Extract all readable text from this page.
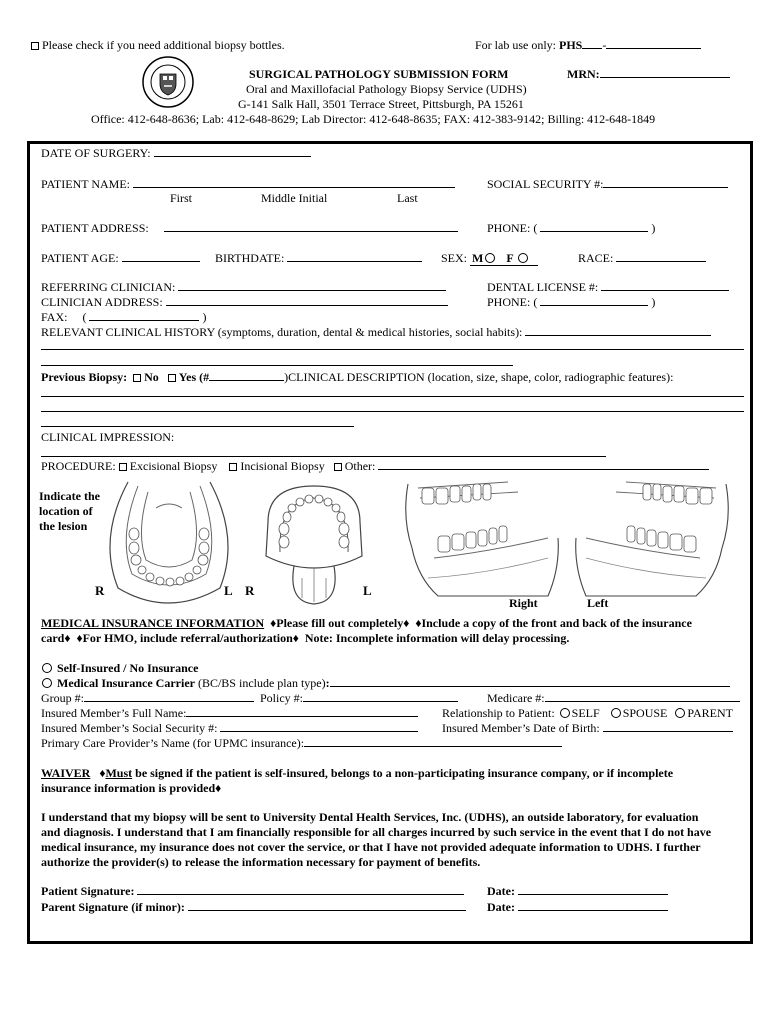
Please check if you need additional biopsy bottles.	For lab use only: PHS -
SURGICAL PATHOLOGY SUBMISSION FORM	MRN:
Oral and Maxillofacial Pathology Biopsy Service (UDHS)
G-141 Salk Hall, 3501 Terrace Street, Pittsburgh, PA 15261
Office: 412-648-8636; Lab: 412-648-8629; Lab Director: 412-648-8635; FAX: 412-383-9142; Billing: 412-648-1849
DATE OF SURGERY:
PATIENT NAME:	SOCIAL SECURITY #:
First	Middle Initial	Last
PATIENT ADDRESS:	PHONE: (	)
PATIENT AGE:	BIRTHDATE:	SEX: M F	RACE:
REFERRING CLINICIAN:	DENTAL LICENSE #:
CLINICIAN ADDRESS:	PHONE: (	)
FAX: (	)
RELEVANT CLINICAL HISTORY (symptoms, duration, dental & medical histories, social habits):
Previous Biopsy: No Yes (#	)CLINICAL DESCRIPTION (location, size, shape, color, radiographic features):
CLINICAL IMPRESSION:
PROCEDURE: Excisional Biopsy Incisional Biopsy Other:
Indicate the
location of
the lesion
R	L R	L
Right	Left
MEDICAL INSURANCE INFORMATION ♦Please fill out completely♦ ♦Include a copy of the front and back of the insurance
card♦ ♦For HMO, include referral/authorization♦ Note: Incomplete information will delay processing.
Self-Insured / No Insurance
Medical Insurance Carrier (BC/BS include plan type):
Group #:	Policy #:	Medicare #:
Insured Member’s Full Name:	Relationship to Patient: SELF SPOUSE PARENT
Insured Member’s Social Security #:	Insured Member’s Date of Birth:
Primary Care Provider’s Name (for UPMC insurance):
WAIVER   ♦Must be signed if the patient is self-insured, belongs to a non-participating insurance company, or if incomplete
insurance information is provided♦
I understand that my biopsy will be sent to University Dental Health Services, Inc. (UDHS), an outside laboratory, for evaluation
and diagnosis. I understand that I am financially responsible for all charges incurred by such service in the event that I do not have
medical insurance, my insurance does not cover the service, or that I have not provided adequate information to UDHS. I further
authorize the provider(s) to release the information necessary for payment of benefits.
Patient Signature:	Date:
Parent Signature (if minor):	Date:
